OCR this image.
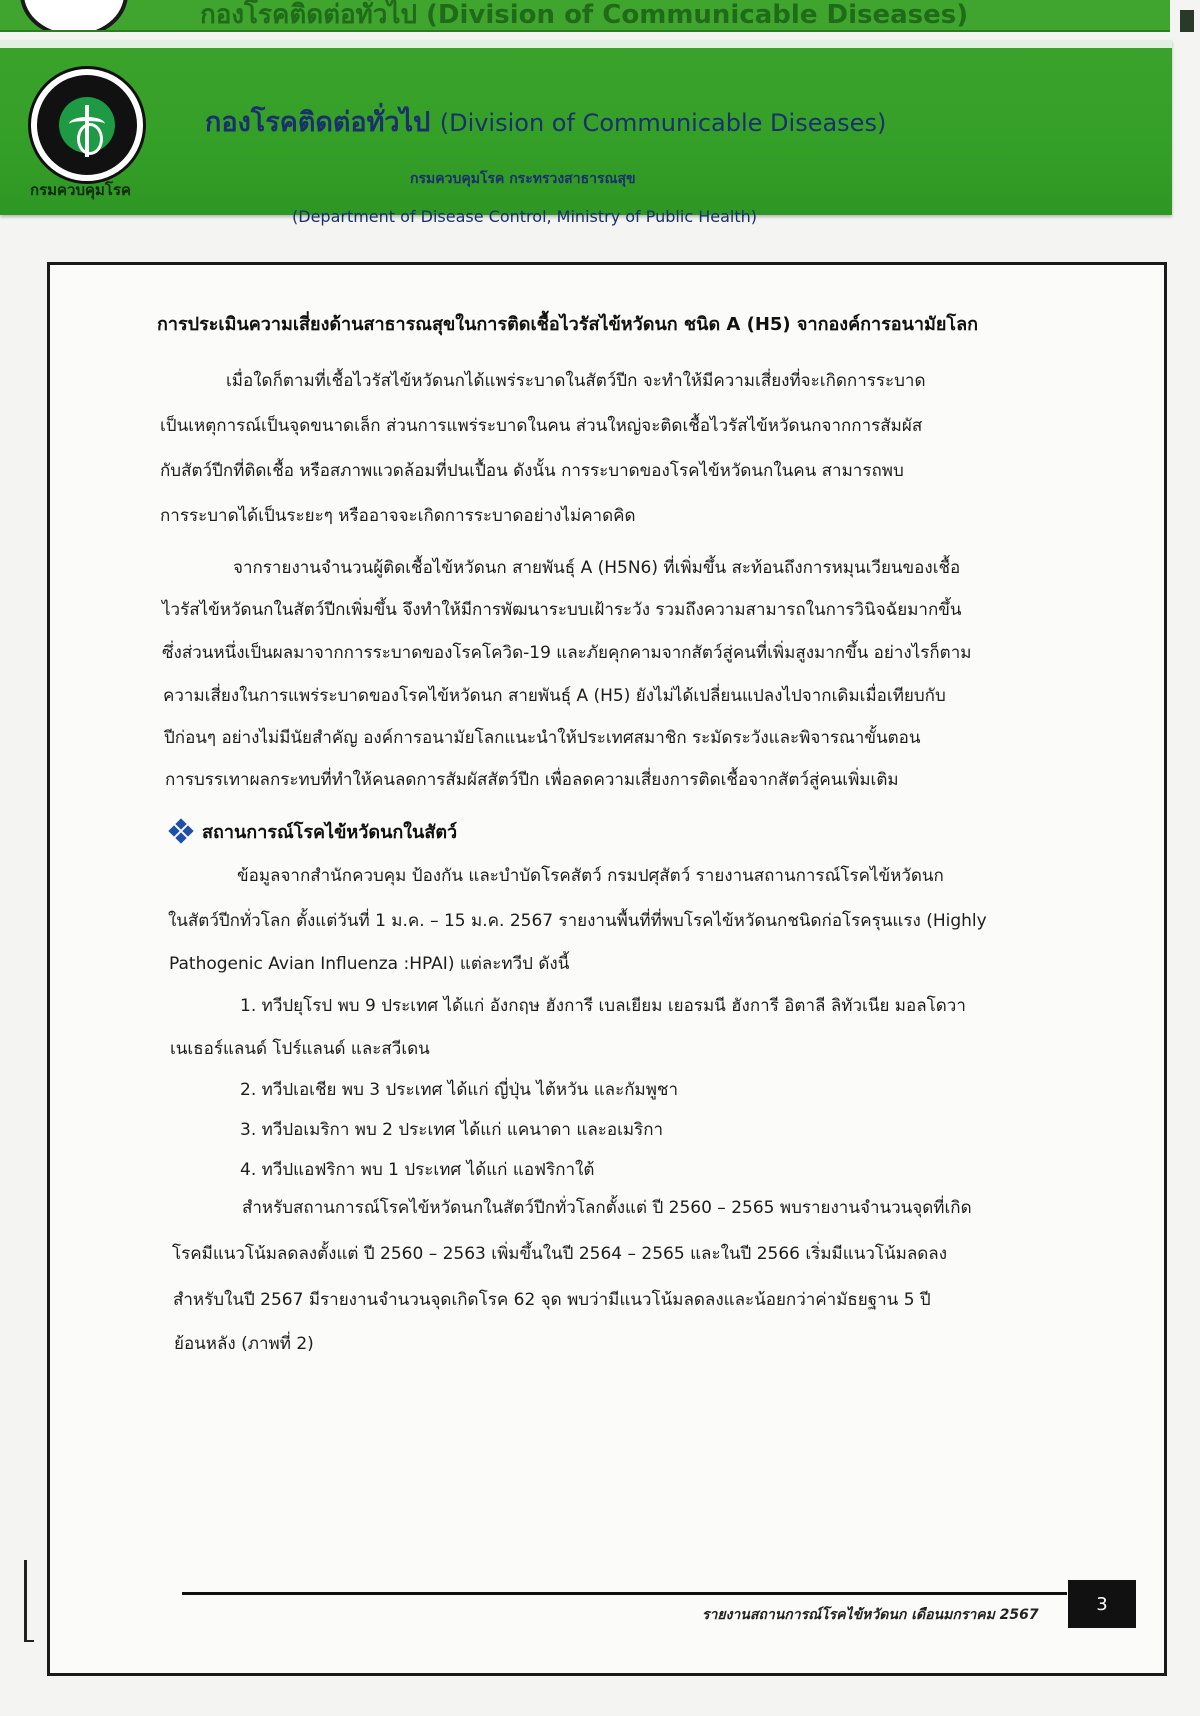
กองโรคติดต่อทั่วไป (Division of Communicable Diseases)
กองโรคติดต่อทั่วไป (Division of Communicable Diseases)
กรมควบคุมโรค กระทรวงสาธารณสุข
(Department of Disease Control, Ministry of Public Health)
กรมควบคุมโรค
การประเมินความเสี่ยงด้านสาธารณสุขในการติดเชื้อไวรัสไข้หวัดนก ชนิด A (H5) จากองค์การอนามัยโลก
เมื่อใดก็ตามที่เชื้อไวรัสไข้หวัดนกได้แพร่ระบาดในสัตว์ปีก จะทำให้มีความเสี่ยงที่จะเกิดการระบาด
เป็นเหตุการณ์เป็นจุดขนาดเล็ก ส่วนการแพร่ระบาดในคน ส่วนใหญ่จะติดเชื้อไวรัสไข้หวัดนกจากการสัมผัส
กับสัตว์ปีกที่ติดเชื้อ หรือสภาพแวดล้อมที่ปนเปื้อน ดังนั้น การระบาดของโรคไข้หวัดนกในคน สามารถพบ
การระบาดได้เป็นระยะๆ หรืออาจจะเกิดการระบาดอย่างไม่คาดคิด
จากรายงานจำนวนผู้ติดเชื้อไข้หวัดนก สายพันธุ์ A (H5N6) ที่เพิ่มขึ้น สะท้อนถึงการหมุนเวียนของเชื้อ
ไวรัสไข้หวัดนกในสัตว์ปีกเพิ่มขึ้น จึงทำให้มีการพัฒนาระบบเฝ้าระวัง รวมถึงความสามารถในการวินิจฉัยมากขึ้น
ซึ่งส่วนหนึ่งเป็นผลมาจากการระบาดของโรคโควิด-19 และภัยคุกคามจากสัตว์สู่คนที่เพิ่มสูงมากขึ้น อย่างไรก็ตาม
ความเสี่ยงในการแพร่ระบาดของโรคไข้หวัดนก สายพันธุ์ A (H5) ยังไม่ได้เปลี่ยนแปลงไปจากเดิมเมื่อเทียบกับ
ปีก่อนๆ อย่างไม่มีนัยสำคัญ องค์การอนามัยโลกแนะนำให้ประเทศสมาชิก ระมัดระวังและพิจารณาขั้นตอน
การบรรเทาผลกระทบที่ทำให้คนลดการสัมผัสสัตว์ปีก เพื่อลดความเสี่ยงการติดเชื้อจากสัตว์สู่คนเพิ่มเติม
สถานการณ์โรคไข้หวัดนกในสัตว์
ข้อมูลจากสำนักควบคุม ป้องกัน และบำบัดโรคสัตว์ กรมปศุสัตว์ รายงานสถานการณ์โรคไข้หวัดนก
ในสัตว์ปีกทั่วโลก ตั้งแต่วันที่ 1 ม.ค. – 15 ม.ค. 2567 รายงานพื้นที่ที่พบโรคไข้หวัดนกชนิดก่อโรครุนแรง (Highly
Pathogenic Avian Influenza :HPAI) แต่ละทวีป ดังนี้
1. ทวีปยุโรป พบ 9 ประเทศ ได้แก่ อังกฤษ ฮังการี เบลเยียม เยอรมนี ฮังการี อิตาลี ลิทัวเนีย มอลโดวา
เนเธอร์แลนด์ โปร์แลนด์ และสวีเดน
2. ทวีปเอเชีย พบ 3 ประเทศ ได้แก่ ญี่ปุ่น ไต้หวัน และกัมพูชา
3. ทวีปอเมริกา พบ 2 ประเทศ ได้แก่ แคนาดา และอเมริกา
4. ทวีปแอฟริกา พบ 1 ประเทศ ได้แก่ แอฟริกาใต้
สำหรับสถานการณ์โรคไข้หวัดนกในสัตว์ปีกทั่วโลกตั้งแต่ ปี 2560 – 2565 พบรายงานจำนวนจุดที่เกิด
โรคมีแนวโน้มลดลงตั้งแต่ ปี 2560 – 2563 เพิ่มขึ้นในปี 2564 – 2565 และในปี 2566 เริ่มมีแนวโน้มลดลง
สำหรับในปี 2567 มีรายงานจำนวนจุดเกิดโรค 62 จุด พบว่ามีแนวโน้มลดลงและน้อยกว่าค่ามัธยฐาน 5 ปี
ย้อนหลัง (ภาพที่ 2)
รายงานสถานการณ์โรคไข้หวัดนก เดือนมกราคม 2567
3
